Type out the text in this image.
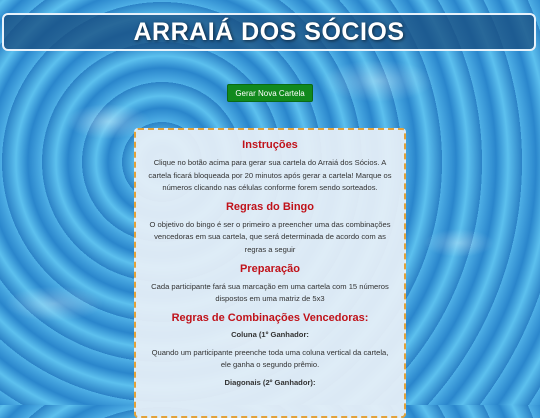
ARRAIÁ DOS SÓCIOS
Gerar Nova Cartela
Instruções
Clique no botão acima para gerar sua cartela do Arraiá dos Sócios. A cartela ficará bloqueada por 20 minutos após gerar a cartela! Marque os números clicando nas células conforme forem sendo sorteados.
Regras do Bingo
O objetivo do bingo é ser o primeiro a preencher uma das combinações vencedoras em sua cartela, que será determinada de acordo com as regras a seguir
Preparação
Cada participante fará sua marcação em uma cartela com 15 números dispostos em uma matriz de 5x3
Regras de Combinações Vencedoras:
Coluna (1º Ganhador:
Quando um participante preenche toda uma coluna vertical da cartela, ele ganha o segundo prêmio.
Diagonais (2º Ganhador):
